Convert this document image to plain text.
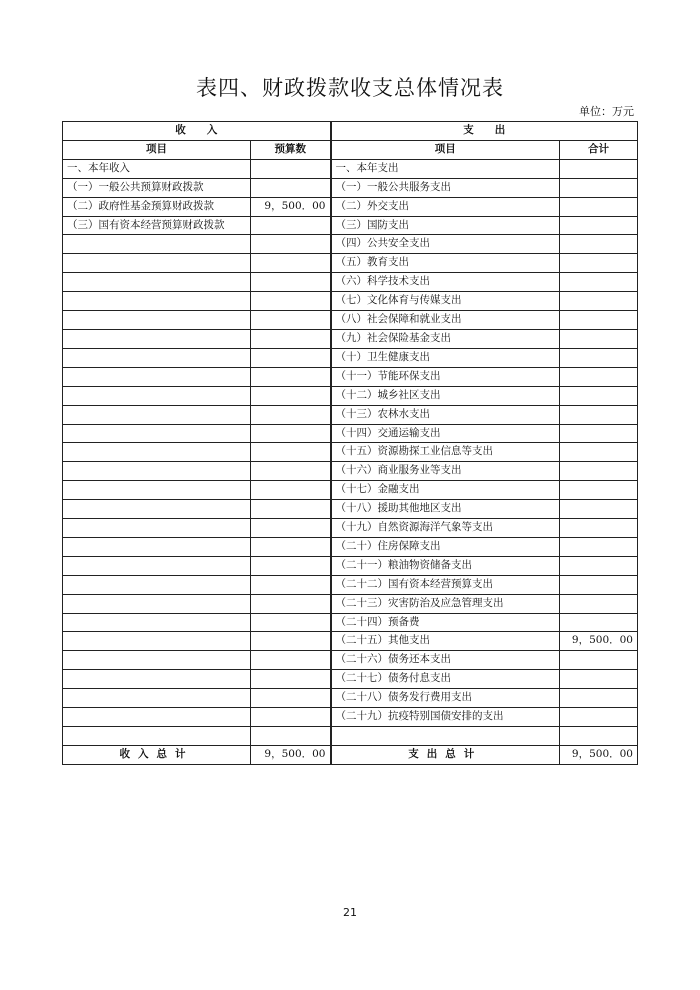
表四、财政拨款收支总体情况表
单位：万元
收　　入		支　　出	
项目	预算数	项目	合计
一、本年收入		一、本年支出	
（一）一般公共预算财政拨款		（一）一般公共服务支出	
（二）政府性基金预算财政拨款	9，500．00	（二）外交支出	
（三）国有资本经营预算财政拨款		（三）国防支出	
		（四）公共安全支出	
		（五）教育支出	
		（六）科学技术支出	
		（七）文化体育与传媒支出	
		（八）社会保障和就业支出	
		（九）社会保险基金支出	
		（十）卫生健康支出	
		（十一）节能环保支出	
		（十二）城乡社区支出	
		（十三）农林水支出	
		（十四）交通运输支出	
		（十五）资源勘探工业信息等支出	
		（十六）商业服务业等支出	
		（十七）金融支出	
		（十八）援助其他地区支出	
		（十九）自然资源海洋气象等支出	
		（二十）住房保障支出	
		（二十一）粮油物资储备支出	
		（二十二）国有资本经营预算支出	
		（二十三）灾害防治及应急管理支出	
		（二十四）预备费	
		（二十五）其他支出	9，500．00
		（二十六）债务还本支出	
		（二十七）债务付息支出	
		（二十八）债务发行费用支出	
		（二十九）抗疫特别国债安排的支出	

收入总计	9，500．00	支出总计	9，500．00
21
